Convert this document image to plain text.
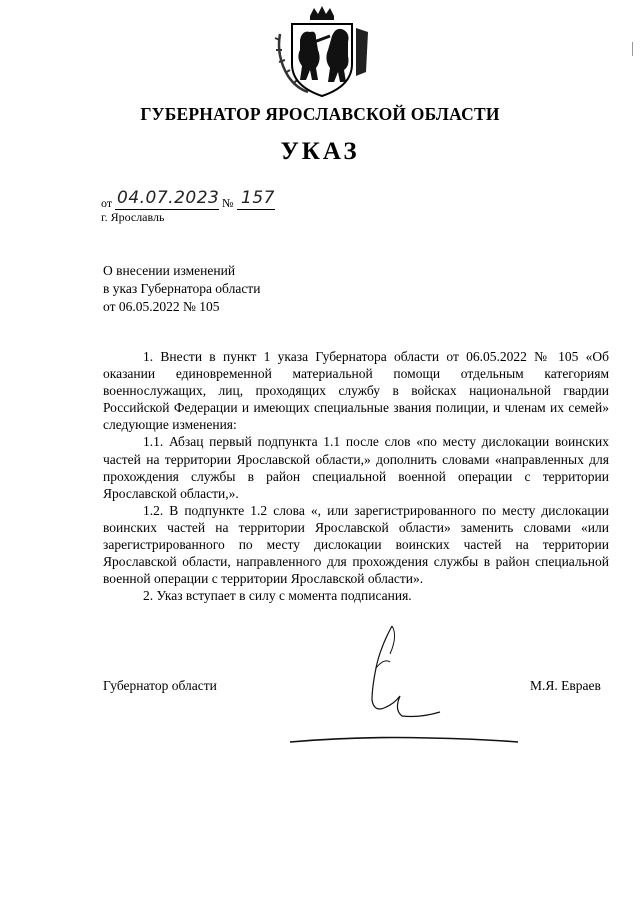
ГУБЕРНАТОР ЯРОСЛАВСКОЙ ОБЛАСТИ
УКАЗ
от 04.07.2023 № 157
г. Ярославль
О внесении изменений
в указ Губернатора области
от 06.05.2022 № 105

1. Внести в пункт 1 указа Губернатора области от 06.05.2022 № 105 «Об оказании единовременной материальной помощи отдельным категориям военнослужащих, лиц, проходящих службу в войсках национальной гвардии Российской Федерации и имеющих специальные звания полиции, и членам их семей» следующие изменения:

1.1. Абзац первый подпункта 1.1 после слов «по месту дислокации воинских частей на территории Ярославской области,» дополнить словами «направленных для прохождения службы в район специальной военной операции с территории Ярославской области,».

1.2. В подпункте 1.2 слова «, или зарегистрированного по месту дислокации воинских частей на территории Ярославской области» заменить словами «или зарегистрированного по месту дислокации воинских частей на территории Ярославской области, направленного для прохождения службы в район специальной военной операции с территории Ярославской области».

2. Указ вступает в силу с момента подписания.

Губернатор области	М.Я. Евраев
